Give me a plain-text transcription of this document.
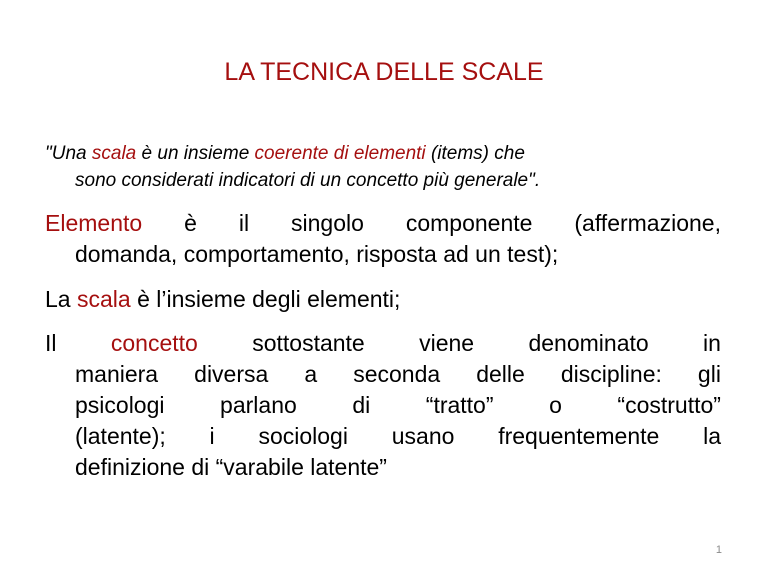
LA TECNICA DELLE SCALE
"Una scala è un insieme coerente di elementi (items) che
sono considerati indicatori di un concetto più generale".
Elemento è il singolo componente (affermazione,
domanda, comportamento, risposta ad un test);
La scala è l’insieme degli elementi;
Il concetto sottostante viene denominato in
maniera diversa a seconda delle discipline: gli
psicologi parlano di “tratto” o “costrutto”
(latente); i sociologi usano frequentemente la
definizione di “varabile latente”
1
